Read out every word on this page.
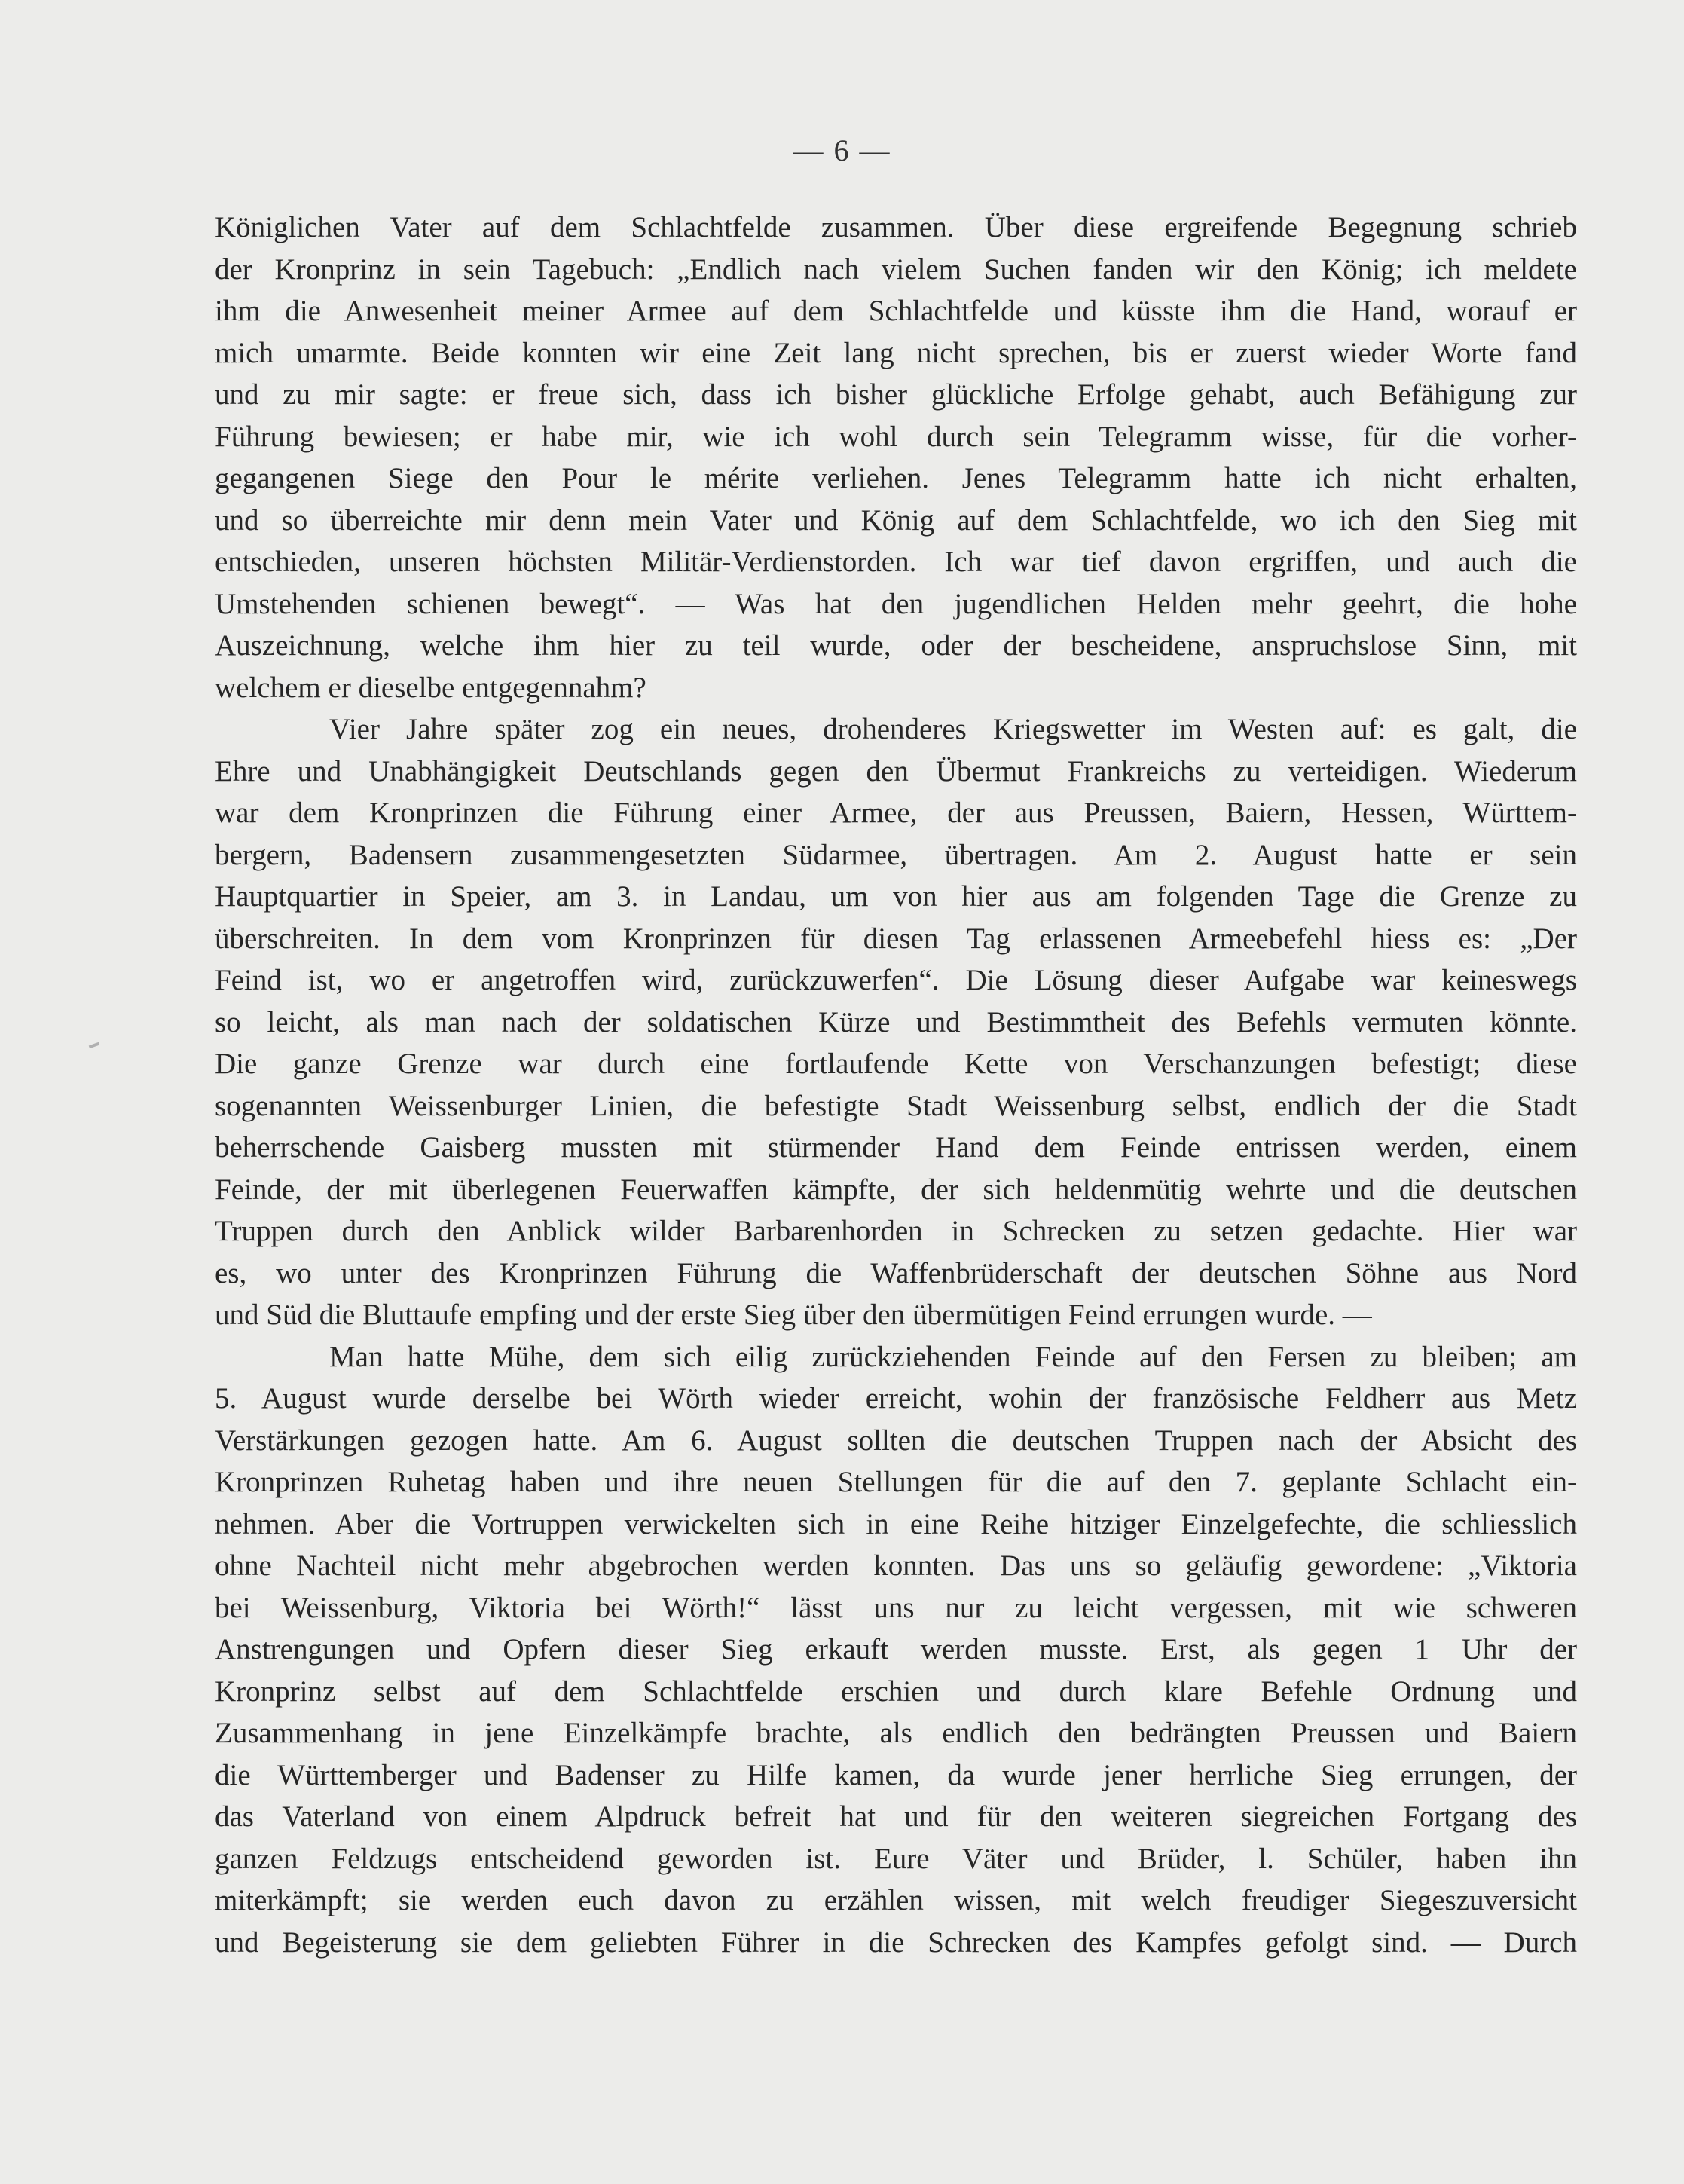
— 6 —
Königlichen Vater auf dem Schlachtfelde zusammen. Über diese ergreifende Begegnung schrieb
der Kronprinz in sein Tagebuch: „Endlich nach vielem Suchen fanden wir den König; ich meldete
ihm die Anwesenheit meiner Armee auf dem Schlachtfelde und küsste ihm die Hand, worauf er
mich umarmte. Beide konnten wir eine Zeit lang nicht sprechen, bis er zuerst wieder Worte fand
und zu mir sagte: er freue sich, dass ich bisher glückliche Erfolge gehabt, auch Befähigung zur
Führung bewiesen; er habe mir, wie ich wohl durch sein Telegramm wisse, für die vorher-
gegangenen Siege den Pour le mérite verliehen. Jenes Telegramm hatte ich nicht erhalten,
und so überreichte mir denn mein Vater und König auf dem Schlachtfelde, wo ich den Sieg mit
entschieden, unseren höchsten Militär-Verdienstorden. Ich war tief davon ergriffen, und auch die
Umstehenden schienen bewegt“. — Was hat den jugendlichen Helden mehr geehrt, die hohe
Auszeichnung, welche ihm hier zu teil wurde, oder der bescheidene, anspruchslose Sinn, mit
welchem er dieselbe entgegennahm?
Vier Jahre später zog ein neues, drohenderes Kriegswetter im Westen auf: es galt, die
Ehre und Unabhängigkeit Deutschlands gegen den Übermut Frankreichs zu verteidigen. Wiederum
war dem Kronprinzen die Führung einer Armee, der aus Preussen, Baiern, Hessen, Württem-
bergern, Badensern zusammengesetzten Südarmee, übertragen. Am 2. August hatte er sein
Hauptquartier in Speier, am 3. in Landau, um von hier aus am folgenden Tage die Grenze zu
überschreiten. In dem vom Kronprinzen für diesen Tag erlassenen Armeebefehl hiess es: „Der
Feind ist, wo er angetroffen wird, zurückzuwerfen“. Die Lösung dieser Aufgabe war keineswegs
so leicht, als man nach der soldatischen Kürze und Bestimmtheit des Befehls vermuten könnte.
Die ganze Grenze war durch eine fortlaufende Kette von Verschanzungen befestigt; diese
sogenannten Weissenburger Linien, die befestigte Stadt Weissenburg selbst, endlich der die Stadt
beherrschende Gaisberg mussten mit stürmender Hand dem Feinde entrissen werden, einem
Feinde, der mit überlegenen Feuerwaffen kämpfte, der sich heldenmütig wehrte und die deutschen
Truppen durch den Anblick wilder Barbarenhorden in Schrecken zu setzen gedachte. Hier war
es, wo unter des Kronprinzen Führung die Waffenbrüderschaft der deutschen Söhne aus Nord
und Süd die Bluttaufe empfing und der erste Sieg über den übermütigen Feind errungen wurde. —
Man hatte Mühe, dem sich eilig zurückziehenden Feinde auf den Fersen zu bleiben; am
5. August wurde derselbe bei Wörth wieder erreicht, wohin der französische Feldherr aus Metz
Verstärkungen gezogen hatte. Am 6. August sollten die deutschen Truppen nach der Absicht des
Kronprinzen Ruhetag haben und ihre neuen Stellungen für die auf den 7. geplante Schlacht ein-
nehmen. Aber die Vortruppen verwickelten sich in eine Reihe hitziger Einzelgefechte, die schliesslich
ohne Nachteil nicht mehr abgebrochen werden konnten. Das uns so geläufig gewordene: „Viktoria
bei Weissenburg, Viktoria bei Wörth!“ lässt uns nur zu leicht vergessen, mit wie schweren
Anstrengungen und Opfern dieser Sieg erkauft werden musste. Erst, als gegen 1 Uhr der
Kronprinz selbst auf dem Schlachtfelde erschien und durch klare Befehle Ordnung und
Zusammenhang in jene Einzelkämpfe brachte, als endlich den bedrängten Preussen und Baiern
die Württemberger und Badenser zu Hilfe kamen, da wurde jener herrliche Sieg errungen, der
das Vaterland von einem Alpdruck befreit hat und für den weiteren siegreichen Fortgang des
ganzen Feldzugs entscheidend geworden ist. Eure Väter und Brüder, l. Schüler, haben ihn
miterkämpft; sie werden euch davon zu erzählen wissen, mit welch freudiger Siegeszuversicht
und Begeisterung sie dem geliebten Führer in die Schrecken des Kampfes gefolgt sind. — Durch
